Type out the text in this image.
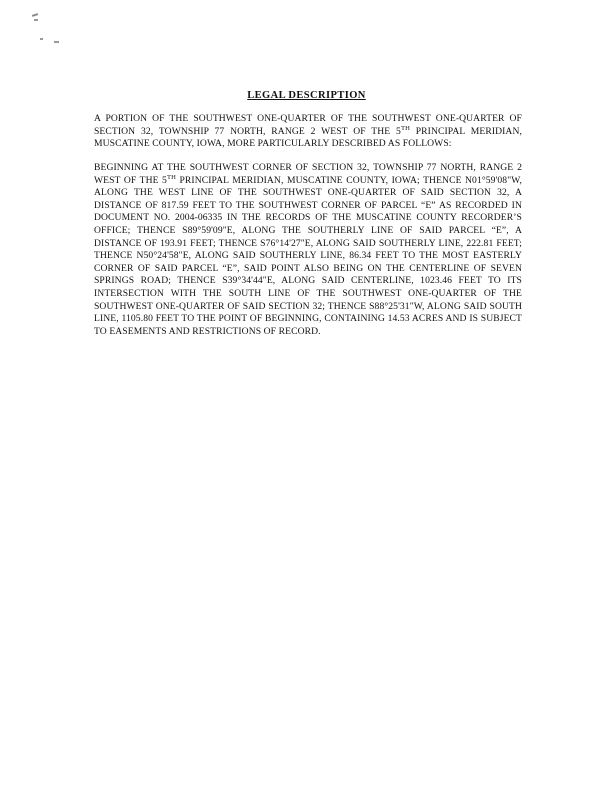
LEGAL DESCRIPTION
A PORTION OF THE SOUTHWEST ONE-QUARTER OF THE SOUTHWEST ONE-QUARTER OF SECTION 32, TOWNSHIP 77 NORTH, RANGE 2 WEST OF THE 5TH PRINCIPAL MERIDIAN, MUSCATINE COUNTY, IOWA, MORE PARTICULARLY DESCRIBED AS FOLLOWS:
BEGINNING AT THE SOUTHWEST CORNER OF SECTION 32, TOWNSHIP 77 NORTH, RANGE 2 WEST OF THE 5TH PRINCIPAL MERIDIAN, MUSCATINE COUNTY, IOWA; THENCE N01°59'08"W, ALONG THE WEST LINE OF THE SOUTHWEST ONE-QUARTER OF SAID SECTION 32, A DISTANCE OF 817.59 FEET TO THE SOUTHWEST CORNER OF PARCEL “E” AS RECORDED IN DOCUMENT NO. 2004-06335 IN THE RECORDS OF THE MUSCATINE COUNTY RECORDER’S OFFICE; THENCE S89°59'09"E, ALONG THE SOUTHERLY LINE OF SAID PARCEL “E”, A DISTANCE OF 193.91 FEET; THENCE S76°14'27"E, ALONG SAID SOUTHERLY LINE, 222.81 FEET; THENCE N50°24'58"E, ALONG SAID SOUTHERLY LINE, 86.34 FEET TO THE MOST EASTERLY CORNER OF SAID PARCEL “E”, SAID POINT ALSO BEING ON THE CENTERLINE OF SEVEN SPRINGS ROAD; THENCE S39°34'44"E, ALONG SAID CENTERLINE, 1023.46 FEET TO ITS INTERSECTION WITH THE SOUTH LINE OF THE SOUTHWEST ONE-QUARTER OF THE SOUTHWEST ONE-QUARTER OF SAID SECTION 32; THENCE S88°25'31"W, ALONG SAID SOUTH LINE, 1105.80 FEET TO THE POINT OF BEGINNING, CONTAINING 14.53 ACRES AND IS SUBJECT TO EASEMENTS AND RESTRICTIONS OF RECORD.
